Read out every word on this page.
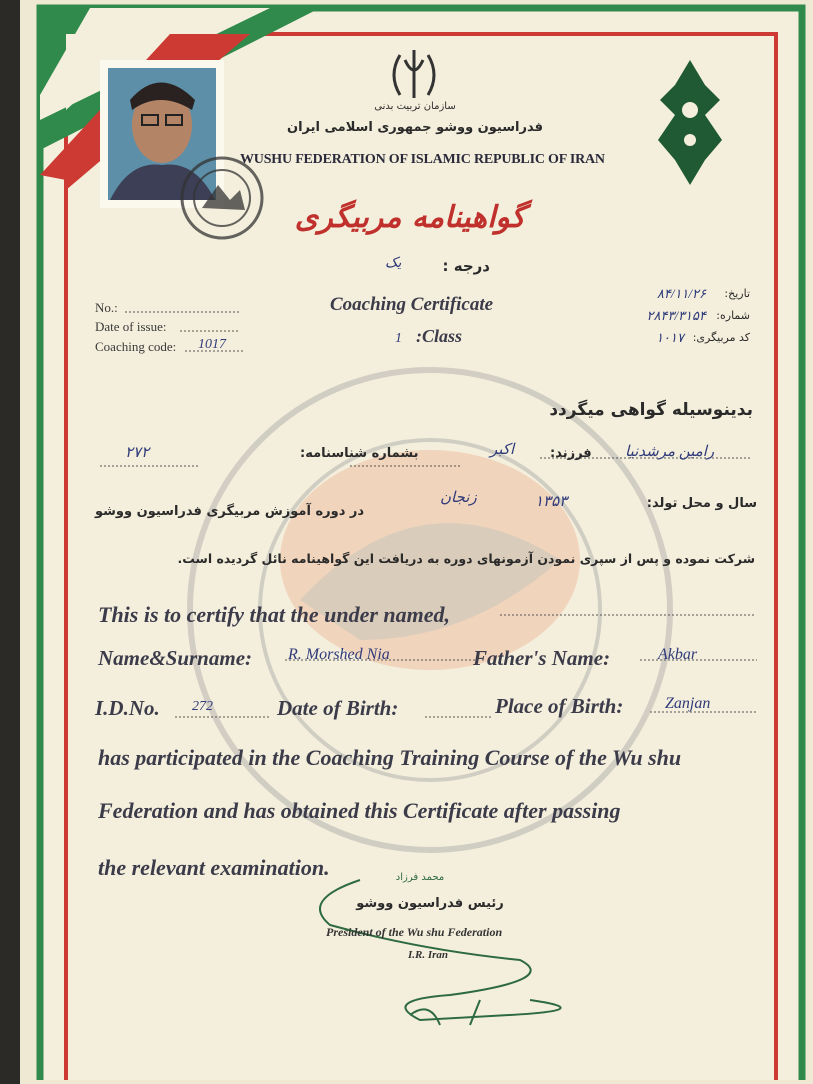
سازمان تربیت بدنی
فدراسیون ووشو جمهوری اسلامی ایران
WUSHU FEDERATION OF ISLAMIC REPUBLIC OF IRAN
گواهینامه مربیگری
درجه :
یک
Coaching Certificate
1 :Class
No.:
Date of issue:
Coaching code: 1017
تاریخ:
۸۴/۱۱/۲۶
شماره:
۲۸۴۳/۳۱۵۴
کد مربیگری:
۱۰۱۷
بدینوسیله گواهی میگردد
رامین مرشدنیا
فرزند:
اکبر
بشماره شناسنامه:
۲۷۲
سال و محل تولد:
۱۳۵۳
زنجان
در دوره آموزش مربیگری فدراسیون ووشو
شرکت نموده و پس از سپری نمودن آزمونهای دوره به دریافت این گواهینامه نائل گردیده است.
This is to certify that the under named,
Name&Surname: R. Morshed Nia	Father's Name:	Akbar
I.D.No. 272	Date of Birth:	Place of Birth:	Zanjan
has participated in the Coaching Training Course of the Wu shu
Federation and has obtained this Certificate after passing
the relevant examination.	محمد فرزاد
رئیس فدراسیون ووشو
President of the Wu shu Federation
I.R. Iran
